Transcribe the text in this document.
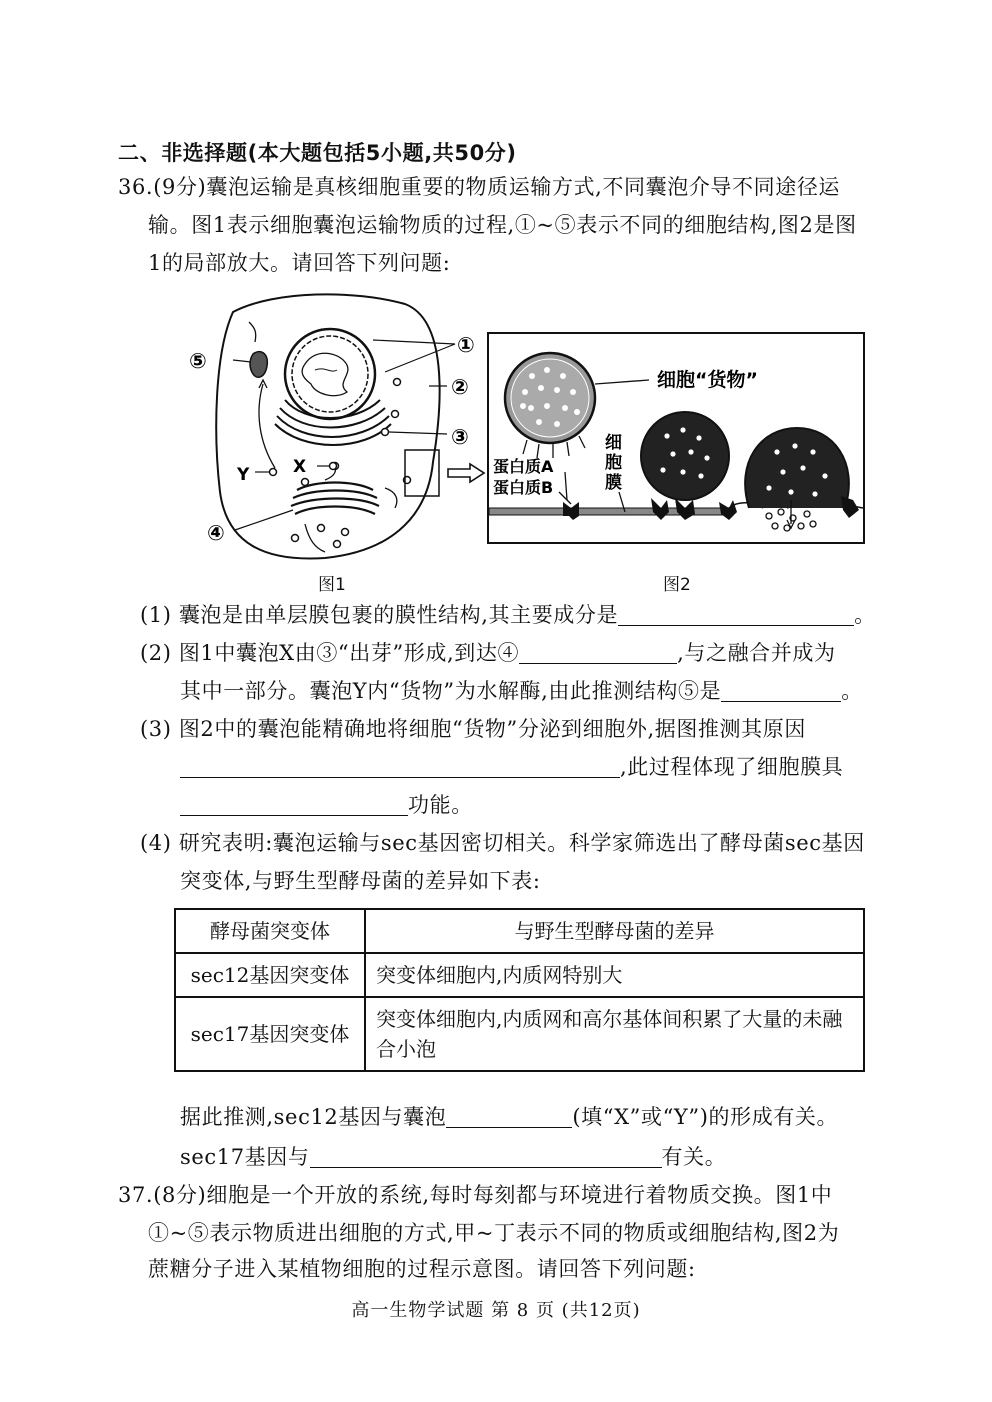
二、非选择题(本大题包括5小题,共50分)
36.(9分)囊泡运输是真核细胞重要的物质运输方式,不同囊泡介导不同途径运
输。图1表示细胞囊泡运输物质的过程,①~⑤表示不同的细胞结构,图2是图
1的局部放大。请回答下列问题:
①
②
③
④
⑤
X
Y
细胞“货物”
蛋白质A
蛋白质B
细
胞
膜
图1	图2
(1) 囊泡是由单层膜包裹的膜性结构,其主要成分是	。
(2) 图1中囊泡X由③“出芽”形成,到达④	,与之融合并成为
其中一部分。囊泡Y内“货物”为水解酶,由此推测结构⑤是	。
(3) 图2中的囊泡能精确地将细胞“货物”分泌到细胞外,据图推测其原因
,此过程体现了细胞膜具
功能。
(4) 研究表明:囊泡运输与sec基因密切相关。科学家筛选出了酵母菌sec基因
突变体,与野生型酵母菌的差异如下表:
酵母菌突变体	与野生型酵母菌的差异
sec12基因突变体	突变体细胞内,内质网特别大
sec17基因突变体	突变体细胞内,内质网和高尔基体间积累了大量的未融合小泡
据此推测,sec12基因与囊泡	(填“X”或“Y”)的形成有关。
sec17基因与	有关。
37.(8分)细胞是一个开放的系统,每时每刻都与环境进行着物质交换。图1中
①~⑤表示物质进出细胞的方式,甲~丁表示不同的物质或细胞结构,图2为
蔗糖分子进入某植物细胞的过程示意图。请回答下列问题:
高一生物学试题 第 8 页 (共12页)
